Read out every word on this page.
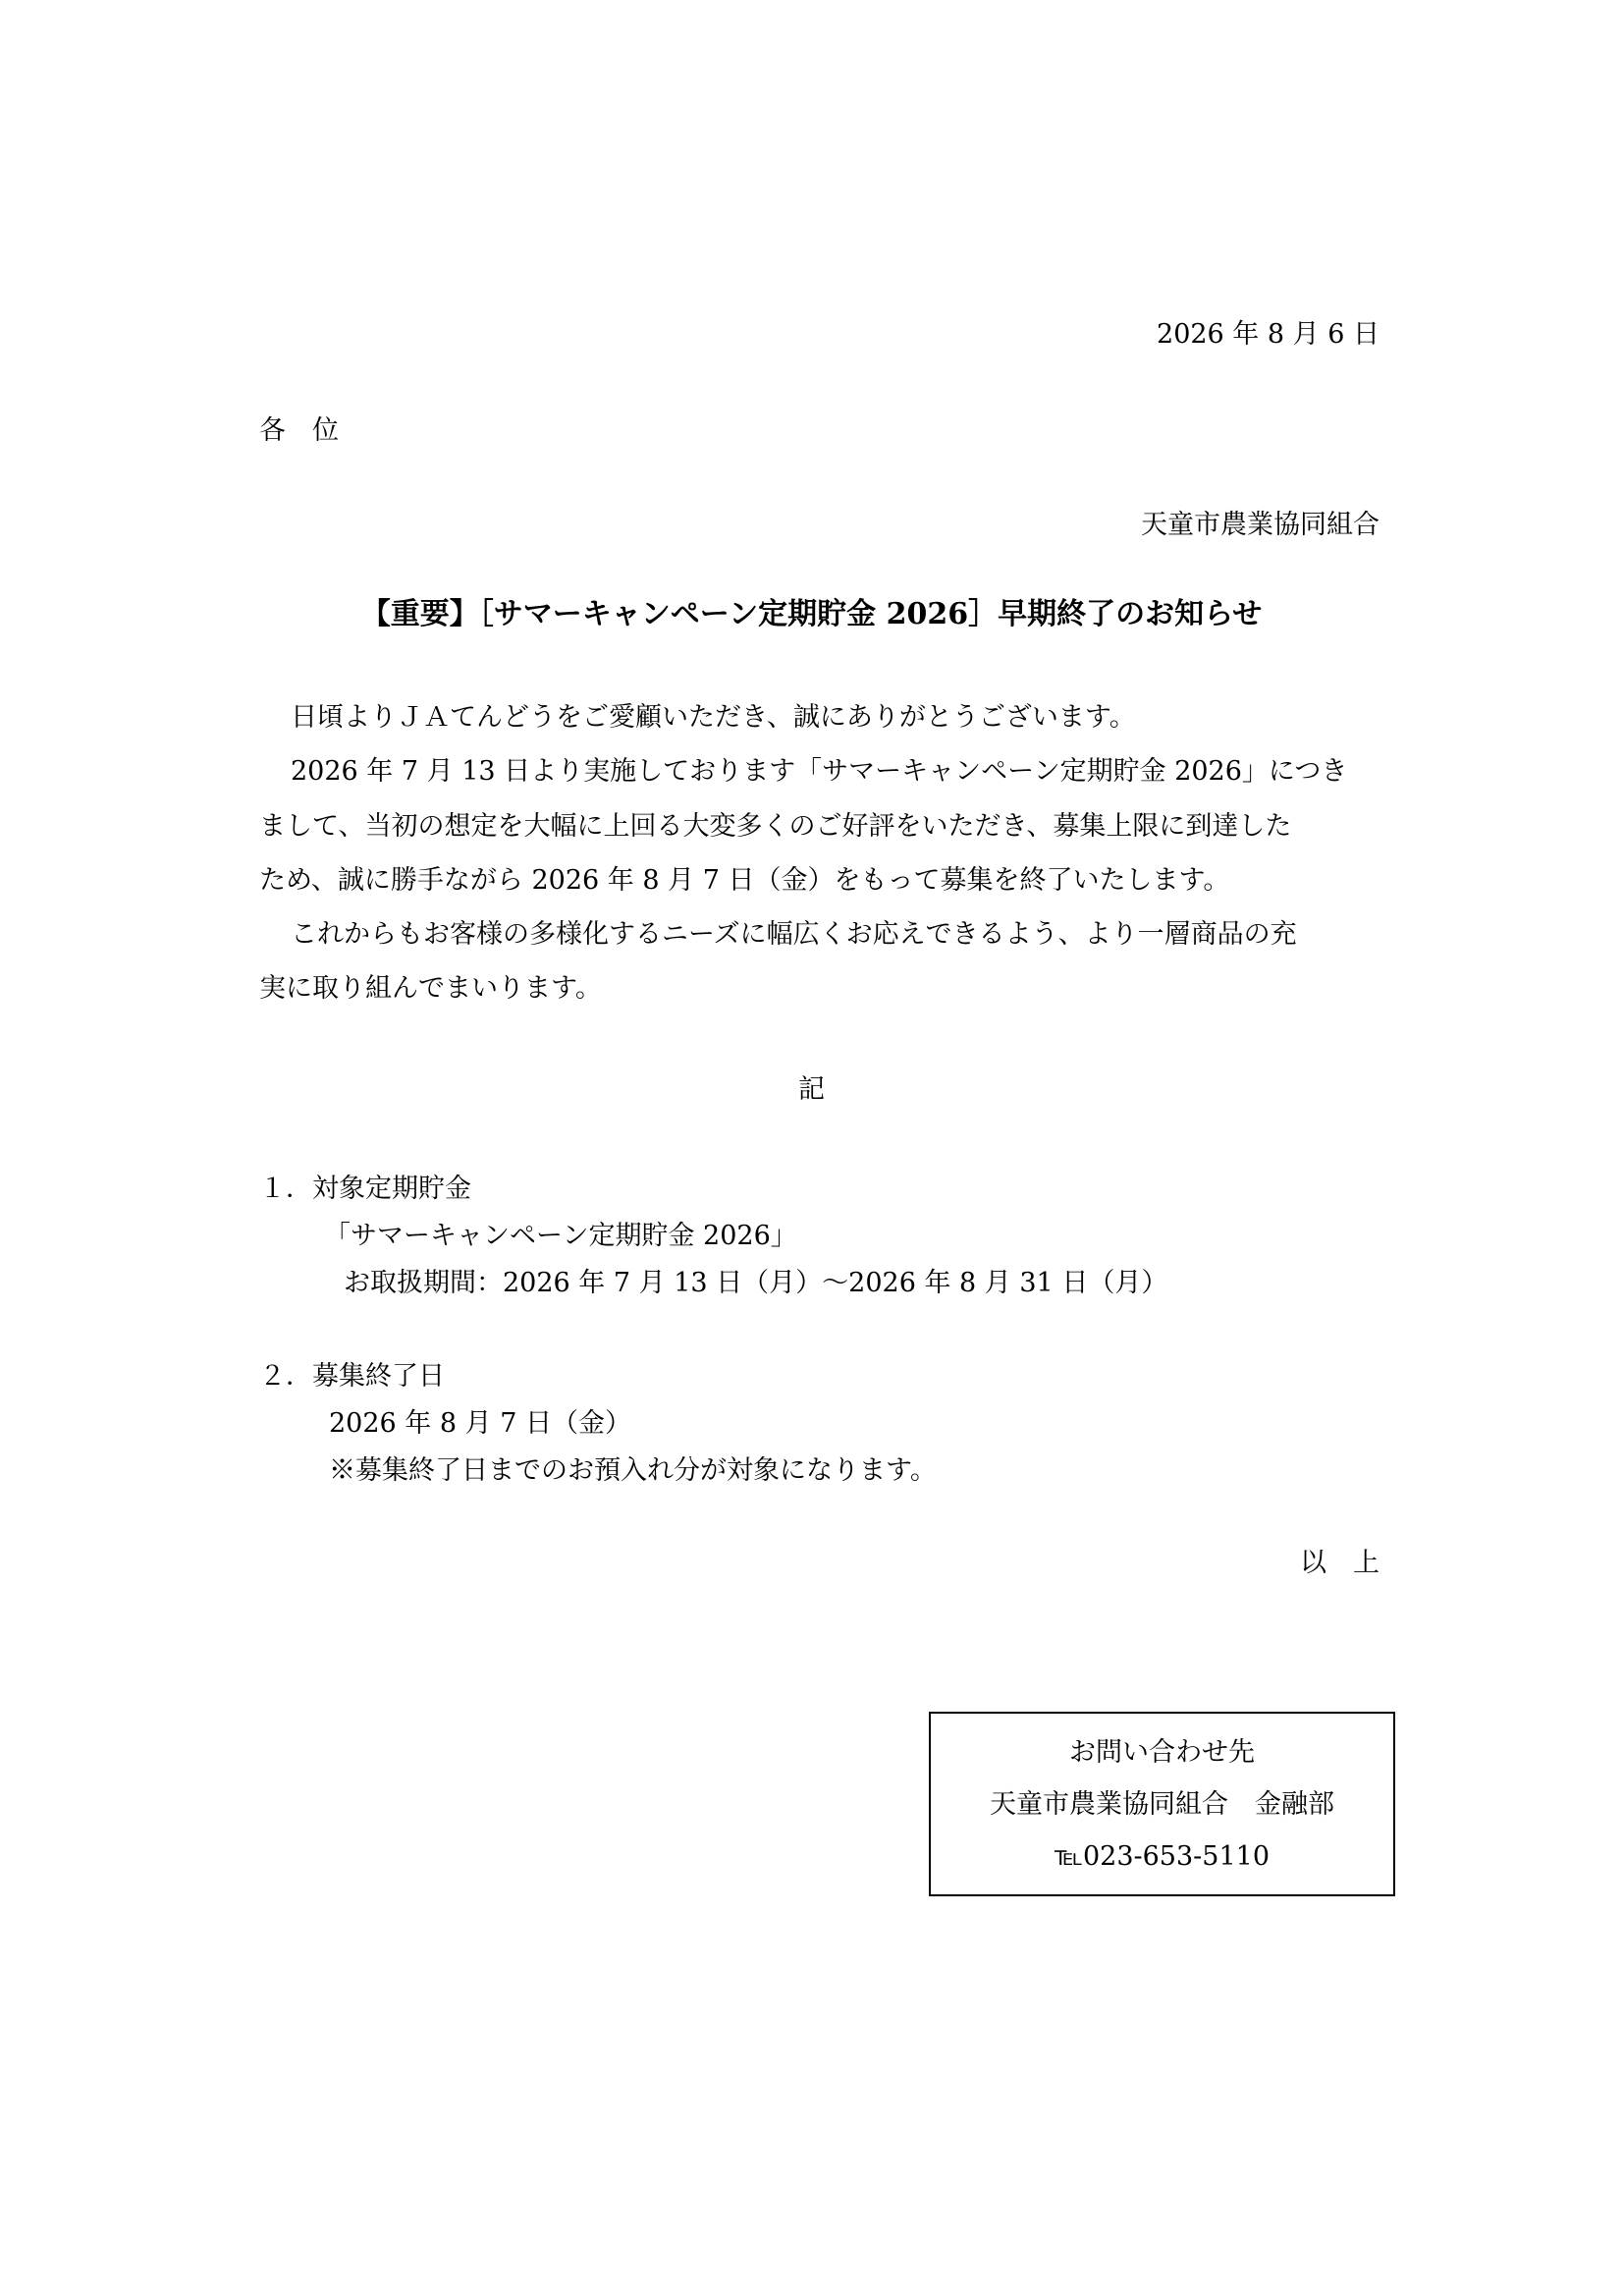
2026 年 8 月 6 日
各　位
天童市農業協同組合
【重要】［サマーキャンペーン定期貯金 2026］早期終了のお知らせ
日頃よりＪＡてんどうをご愛顧いただき、誠にありがとうございます。
2026 年 7 月 13 日より実施しております「サマーキャンペーン定期貯金 2026」につき
まして、当初の想定を大幅に上回る大変多くのご好評をいただき、募集上限に到達した
ため、誠に勝手ながら 2026 年 8 月 7 日（金）をもって募集を終了いたします。
これからもお客様の多様化するニーズに幅広くお応えできるよう、より一層商品の充
実に取り組んでまいります。
記
１．対象定期貯金
「サマーキャンペーン定期貯金 2026」
お取扱期間：2026 年 7 月 13 日（月）〜2026 年 8 月 31 日（月）
２．募集終了日
2026 年 8 月 7 日（金）
※募集終了日までのお預入れ分が対象になります。
以　上
お問い合わせ先
天童市農業協同組合　金融部
℡023-653-5110
